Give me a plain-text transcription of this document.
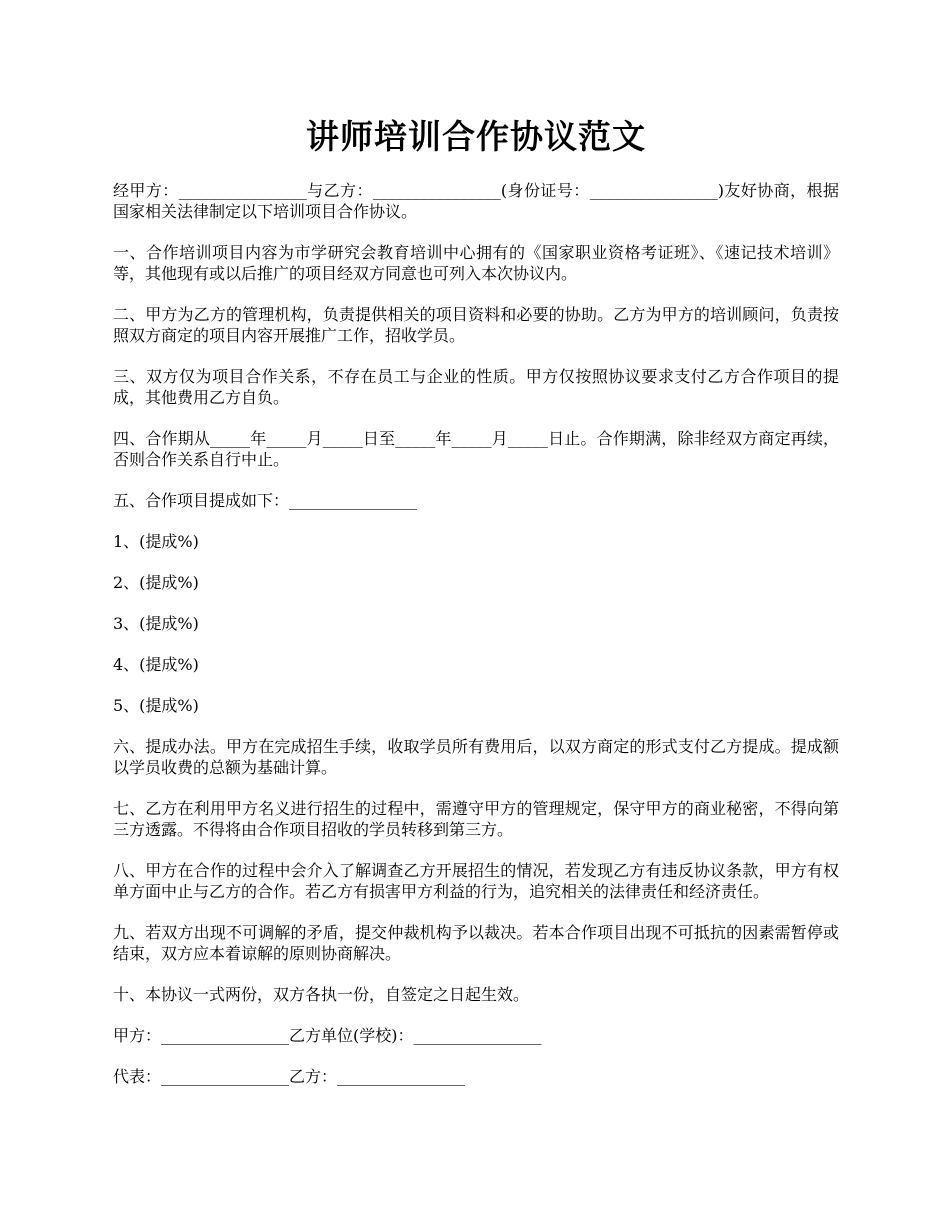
讲师培训合作协议范文

经甲方：________________与乙方：________________(身份证号：________________)友好协商，根据国家相关法律制定以下培训项目合作协议。

一、合作培训项目内容为市学研究会教育培训中心拥有的《国家职业资格考证班》、《速记技术培训》等，其他现有或以后推广的项目经双方同意也可列入本次协议内。

二、甲方为乙方的管理机构，负责提供相关的项目资料和必要的协助。乙方为甲方的培训顾问，负责按照双方商定的项目内容开展推广工作，招收学员。

三、双方仅为项目合作关系，不存在员工与企业的性质。甲方仅按照协议要求支付乙方合作项目的提成，其他费用乙方自负。

四、合作期从_____年_____月_____日至_____年_____月_____日止。合作期满，除非经双方商定再续，否则合作关系自行中止。

五、合作项目提成如下：________________

1、(提成%)

2、(提成%)

3、(提成%)

4、(提成%)

5、(提成%)

六、提成办法。甲方在完成招生手续，收取学员所有费用后，以双方商定的形式支付乙方提成。提成额以学员收费的总额为基础计算。

七、乙方在利用甲方名义进行招生的过程中，需遵守甲方的管理规定，保守甲方的商业秘密，不得向第三方透露。不得将由合作项目招收的学员转移到第三方。

八、甲方在合作的过程中会介入了解调查乙方开展招生的情况，若发现乙方有违反协议条款，甲方有权单方面中止与乙方的合作。若乙方有损害甲方利益的行为，追究相关的法律责任和经济责任。

九、若双方出现不可调解的矛盾，提交仲裁机构予以裁决。若本合作项目出现不可抵抗的因素需暂停或结束，双方应本着谅解的原则协商解决。

十、本协议一式两份，双方各执一份，自签定之日起生效。

甲方：________________乙方单位(学校)：________________

代表：________________乙方：________________
